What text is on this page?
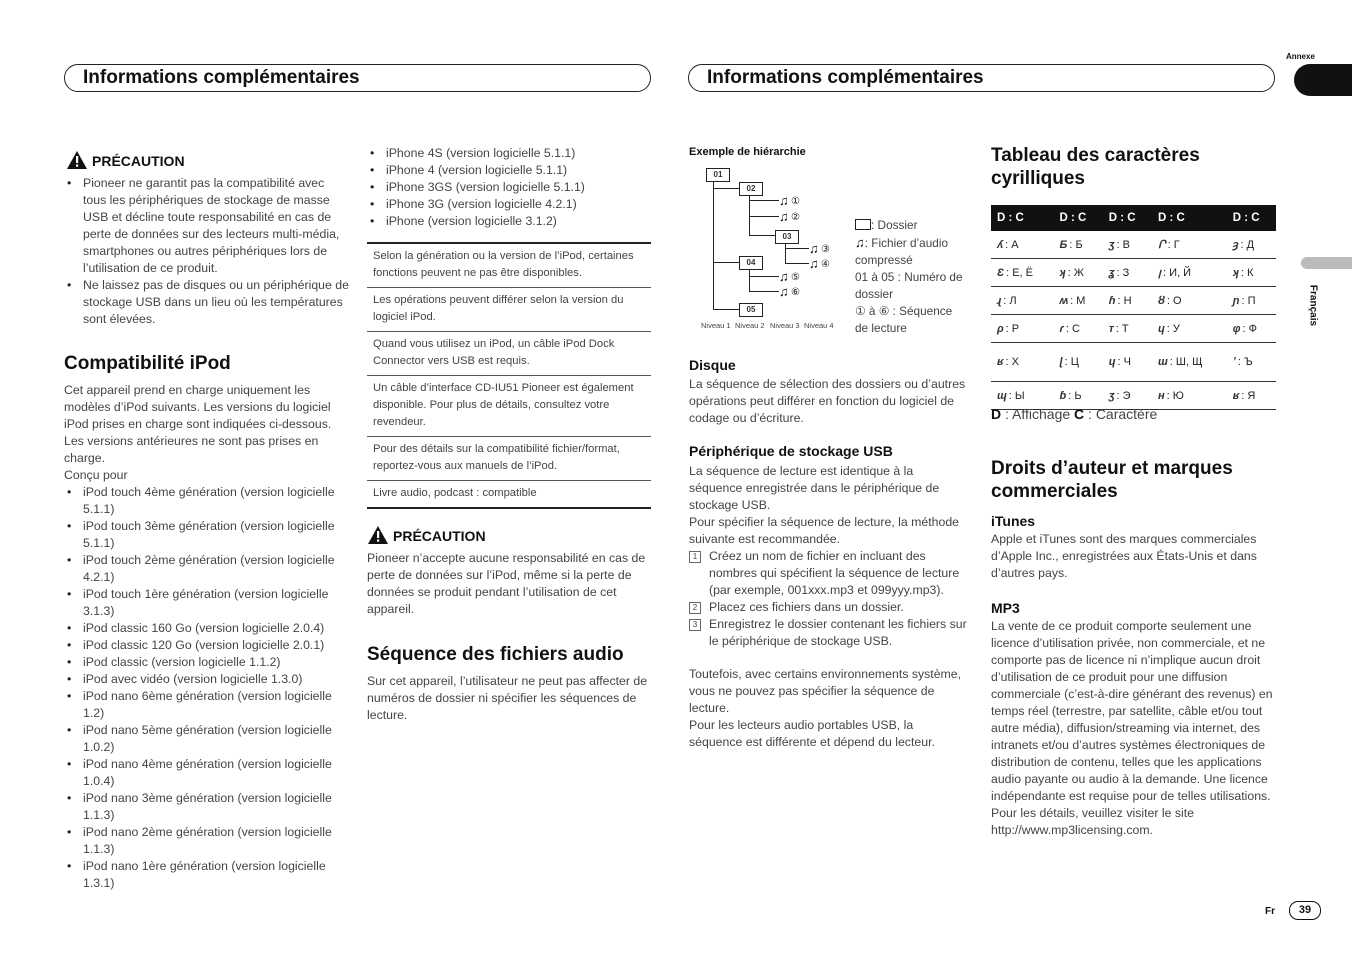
Annexe
Français
Informations complémentaires	Informations complémentaires
PRÉCAUTION
• Pioneer ne garantit pas la compatibilité avec tous les périphériques de stockage de masse USB et décline toute responsabilité en cas de perte de données sur des lecteurs multi-média, smartphones ou autres périphériques lors de l’utilisation de ce produit.
• Ne laissez pas de disques ou un périphérique de stockage USB dans un lieu où les températures sont élevées.
Compatibilité iPod
Cet appareil prend en charge uniquement les modèles d’iPod suivants. Les versions du logiciel iPod prises en charge sont indiquées ci-dessous. Les versions antérieures ne sont pas prises en charge.
Conçu pour
• iPod touch 4ème génération (version logicielle 5.1.1)
• iPod touch 3ème génération (version logicielle 5.1.1)
• iPod touch 2ème génération (version logicielle 4.2.1)
• iPod touch 1ère génération (version logicielle 3.1.3)
• iPod classic 160 Go (version logicielle 2.0.4)
• iPod classic 120 Go (version logicielle 2.0.1)
• iPod classic (version logicielle 1.1.2)
• iPod avec vidéo (version logicielle 1.3.0)
• iPod nano 6ème génération (version logicielle 1.2)
• iPod nano 5ème génération (version logicielle 1.0.2)
• iPod nano 4ème génération (version logicielle 1.0.4)
• iPod nano 3ème génération (version logicielle 1.1.3)
• iPod nano 2ème génération (version logicielle 1.1.3)
• iPod nano 1ère génération (version logicielle 1.3.1)
• iPhone 4S (version logicielle 5.1.1)
• iPhone 4 (version logicielle 5.1.1)
• iPhone 3GS (version logicielle 5.1.1)
• iPhone 3G (version logicielle 4.2.1)
• iPhone (version logicielle 3.1.2)
Selon la génération ou la version de l’iPod, certaines fonctions peuvent ne pas être disponibles.
Les opérations peuvent différer selon la version du logiciel iPod.
Quand vous utilisez un iPod, un câble iPod Dock Connector vers USB est requis.
Un câble d’interface CD-IU51 Pioneer est également disponible. Pour plus de détails, consultez votre revendeur.
Pour des détails sur la compatibilité fichier/format, reportez-vous aux manuels de l’iPod.
Livre audio, podcast : compatible
PRÉCAUTION
Pioneer n’accepte aucune responsabilité en cas de perte de données sur l’iPod, même si la perte de données se produit pendant l’utilisation de cet appareil.
Séquence des fichiers audio
Sur cet appareil, l’utilisateur ne peut pas affecter de numéros de dossier ni spécifier les séquences de lecture.
Exemple de hiérarchie
01
02
03
04
05
♫ ①
♫ ②
♫ ③
♫ ④
♫ ⑤
♫ ⑥
Niveau 1 Niveau 2 Niveau 3 Niveau 4
: Dossier
♫: Fichier d’audio compressé
01 à 05 : Numéro de dossier
① à ⑥ : Séquence de lecture
Disque
La séquence de sélection des dossiers ou d’autres opérations peut différer en fonction du logiciel de codage ou d’écriture.
Périphérique de stockage USB
La séquence de lecture est identique à la séquence enregistrée dans le périphérique de stockage USB.
Pour spécifier la séquence de lecture, la méthode suivante est recommandée.
1 Créez un nom de fichier en incluant des nombres qui spécifient la séquence de lecture (par exemple, 001xxx.mp3 et 099yyy.mp3).
2 Placez ces fichiers dans un dossier.
3 Enregistrez le dossier contenant les fichiers sur le périphérique de stockage USB.
Toutefois, avec certains environnements système, vous ne pouvez pas spécifier la séquence de lecture.
Pour les lecteurs audio portables USB, la séquence est différente et dépend du lecteur.
Tableau des caractères cyrilliques
D : C	D : C	D : C	D : C	D : C
ʎ : А	Ƃ : Б	ʒ : В	Ր : Г	ȝ : Д
Ɛ : Е, Ё	ʞ : Ж	ʓ : З	ꞁ : И, Й	ʞ : К
ɻ : Л	ʍ : М	ɦ : Н	ȣ : О	ɲ : П
ρ : Р	ɾ : С	ᴛ : Т	ɥ : У	φ : Ф
ʁ : Х	ɭ : Ц	ɥ : Ч	ɯ : Ш, Щ	ʼ : Ъ
ɰ : Ы	ɓ : Ь	ʒ : Э	ʜ : Ю	ʁ : Я
D : Affichage C : Caractère
Droits d’auteur et marques commerciales
iTunes
Apple et iTunes sont des marques commerciales d’Apple Inc., enregistrées aux États-Unis et dans d’autres pays.
MP3
La vente de ce produit comporte seulement une licence d’utilisation privée, non commerciale, et ne comporte pas de licence ni n’implique aucun droit d’utilisation de ce produit pour une diffusion commerciale (c’est-à-dire générant des revenus) en temps réel (terrestre, par satellite, câble et/ou tout autre média), diffusion/streaming via internet, des intranets et/ou d’autres systèmes électroniques de distribution de contenu, telles que les applications audio payante ou audio à la demande. Une licence indépendante est requise pour de telles utilisations. Pour les détails, veuillez visiter le site http://www.mp3licensing.com.
Fr	39
